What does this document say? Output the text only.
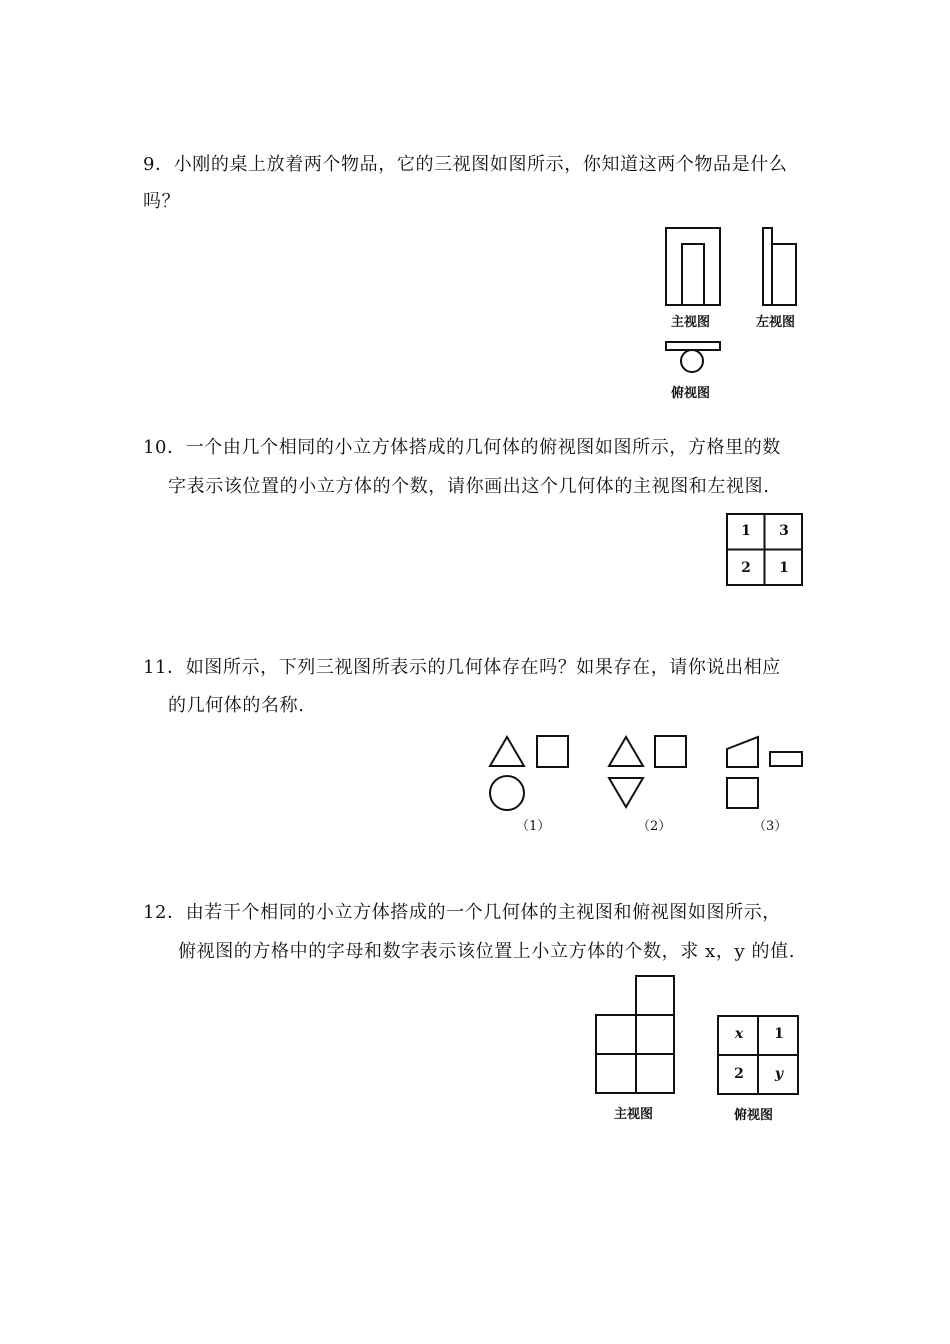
9．小刚的桌上放着两个物品，它的三视图如图所示，你知道这两个物品是什么
吗？
主视图	左视图
俯视图
10．一个由几个相同的小立方体搭成的几何体的俯视图如图所示，方格里的数
字表示该位置的小立方体的个数，请你画出这个几何体的主视图和左视图.
1	3
2	1
11．如图所示，下列三视图所表示的几何体存在吗？如果存在，请你说出相应
的几何体的名称.
（1）	（2）	（3）
12．由若干个相同的小立方体搭成的一个几何体的主视图和俯视图如图所示，
俯视图的方格中的字母和数字表示该位置上小立方体的个数，求 x，y 的值.
主视图
x	1
2	y
俯视图
